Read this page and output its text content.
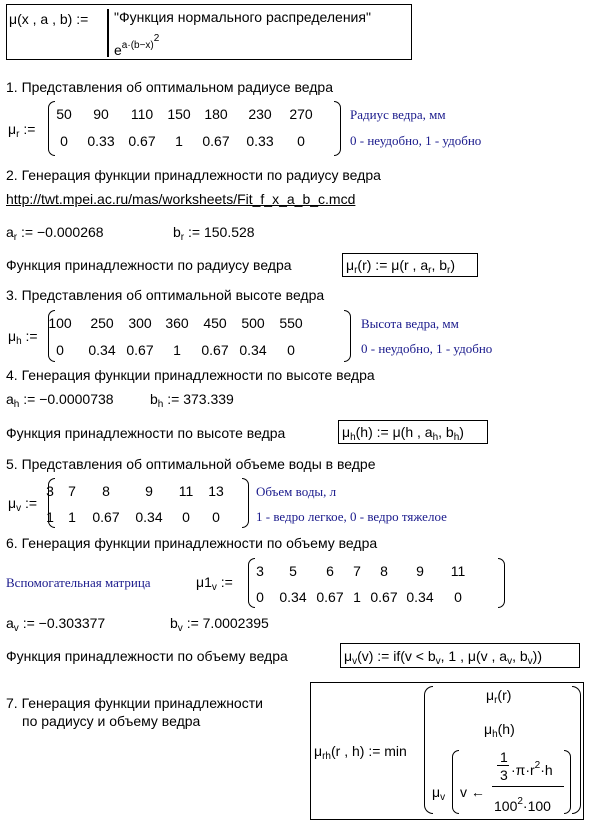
μ(x , a , b) := "Функция нормального распределения"
$e^{a\cdot(b-x)2}$
1. Представления об оптимальном радиусе ведра
$\mu_r$ :=
50	90	110	150 180	230	270
0	0.33 0.67	1	0.67	0.33	0
Радиус ведра, мм
0 - неудобно, 1 - удобно
2. Генерация функции принадлежности по радиусу ведра
http://twt.mpei.ac.ru/mas/worksheets/Fit_f_x_a_b_c.mcd
$a_r$ := −0.000268	$b_r$ := 150.528
Функция принадлежности по радиусу ведра	$\mu_r(r)$ := μ(r , $a_r$, $b_r$)
3. Представления об оптимальной высоте ведра
$\mu_h$ :=
100	250	300 360	450	500	550
0	0.34 0.67	1	0.67 0.34	0
Высота ведра, мм
0 - неудобно, 1 - удобно
4. Генерация функции принадлежности по высоте ведра
$a_h$ := −0.0000738	$b_h$ := 373.339
Функция принадлежности по высоте ведра	$\mu_h(h)$ := μ(h , $a_h$, $b_h$)
5. Представления об оптимальной объеме воды в ведре
$\mu_v$ :=
3	7	8	9	11	13
1	1	0.67	0.34	0	0
Объем воды, л
1 - ведро легкое, 0 - ведро тяжелое
6. Генерация функции принадлежности по объему ведра
Вспомогательная матрица	$\mu 1_v$ :=
3	5	6	7	8	9	11
0	0.34 0.67 1 0.67 0.34	0
$a_v$ := −0.303377	$b_v$ := 7.0002395
Функция принадлежности по объему ведра	$\mu_v(v)$ := $if(v < b_v$, 1 , μ(v , $a_v$, $b_v$))
7. Генерация функции принадлежности
по радиусу и объему ведра
$\mu_{rh}(r$ , h) := min
$\mu_r(r)$
$\mu_h(h)$
$\mu_v$ v ←
1
$3 \cdot\pi\cdot r^2\cdot h$
$100^2\cdot 100$
